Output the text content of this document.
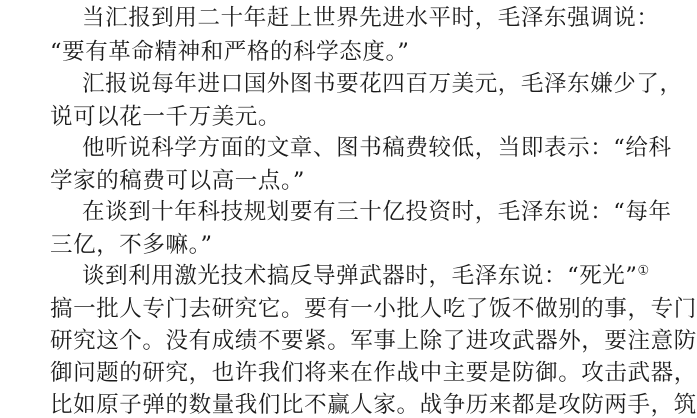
当汇报到用二十年赶上世界先进水平时，毛泽东强调说：
“要有革命精神和严格的科学态度。”
汇报说每年进口国外图书要花四百万美元，毛泽东嫌少了，
说可以花一千万美元。
他听说科学方面的文章、图书稿费较低，当即表示：“给科
学家的稿费可以高一点。”
在谈到十年科技规划要有三十亿投资时，毛泽东说：“每年
三亿，不多嘛。”
谈到利用激光技术搞反导弹武器时，毛泽东说：“死光”①
搞一批人专门去研究它。要有一小批人吃了饭不做别的事，专门
研究这个。没有成绩不要紧。军事上除了进攻武器外，要注意防
御问题的研究，也许我们将来在作战中主要是防御。攻击武器，
比如原子弹的数量我们比不赢人家。战争历来都是攻防两手，筑
